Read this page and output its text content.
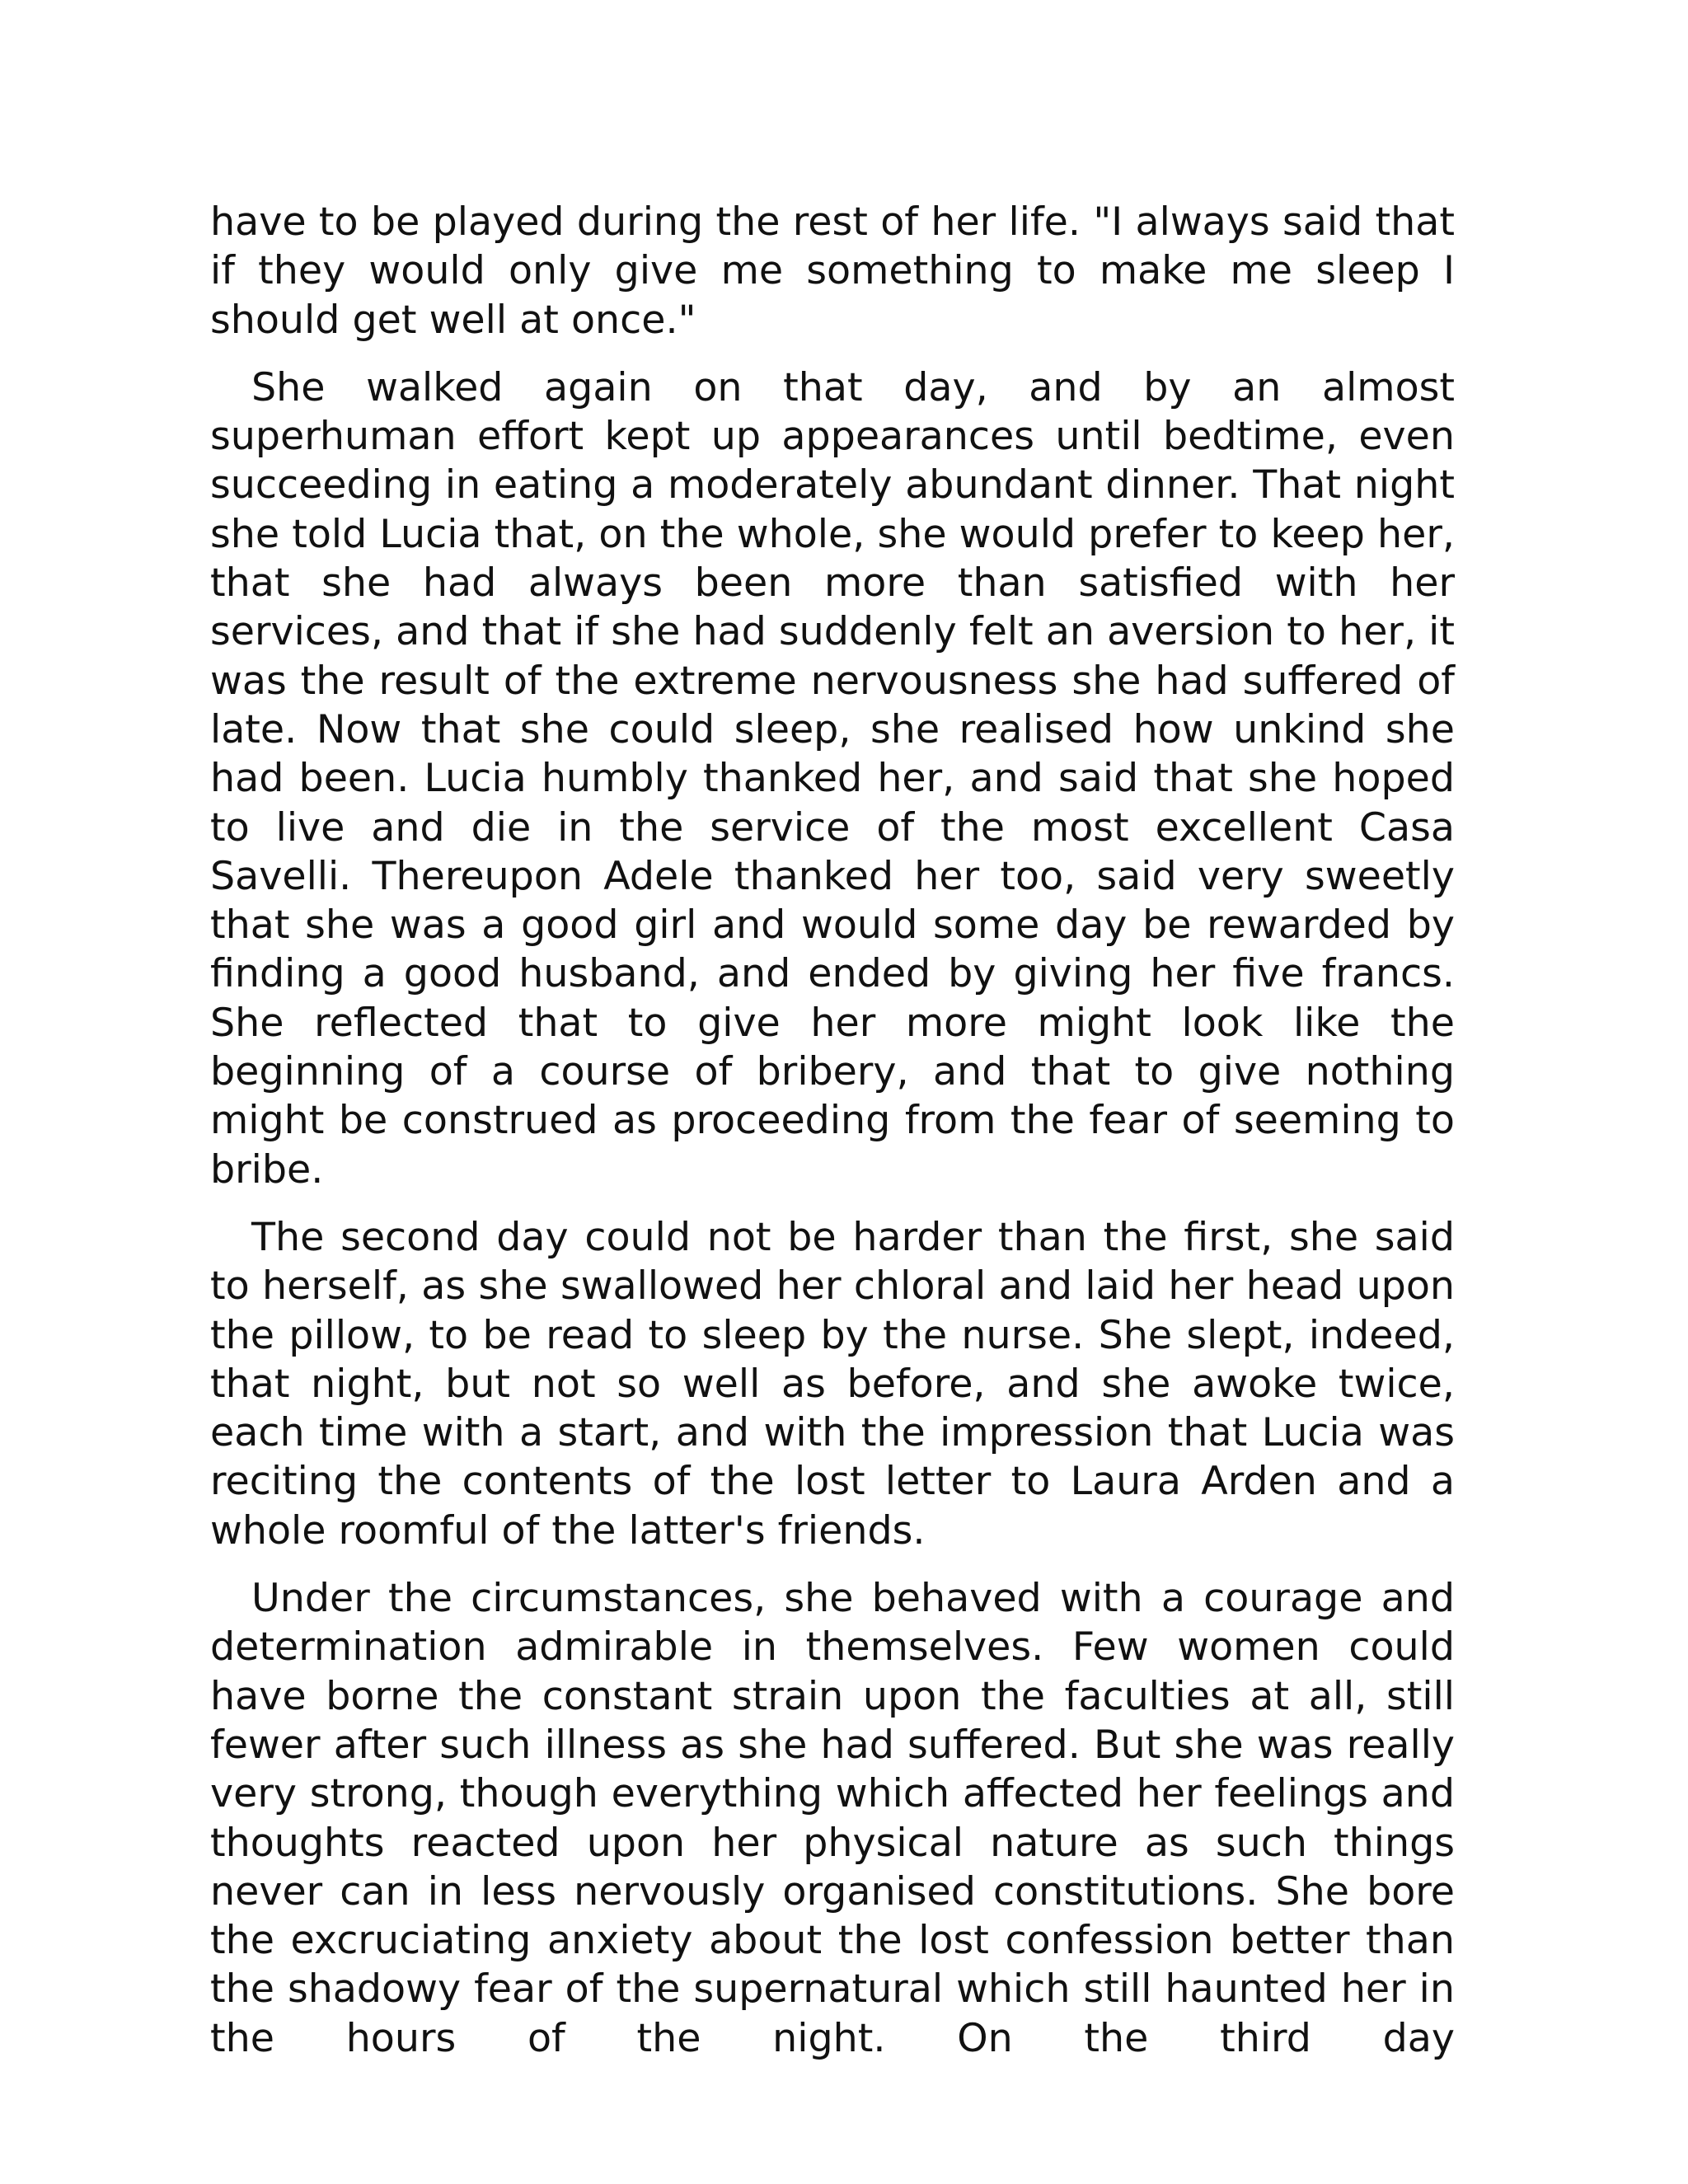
have to be played during the rest of her life. "I always said that if they would only give me something to make me sleep I should get well at once."

She walked again on that day, and by an almost superhuman effort kept up appearances until bedtime, even succeeding in eating a moderately abundant dinner. That night she told Lucia that, on the whole, she would prefer to keep her, that she had always been more than satisfied with her services, and that if she had suddenly felt an aversion to her, it was the result of the extreme nervousness she had suffered of late. Now that she could sleep, she realised how unkind she had been. Lucia humbly thanked her, and said that she hoped to live and die in the service of the most excellent Casa Savelli. Thereupon Adele thanked her too, said very sweetly that she was a good girl and would some day be rewarded by finding a good husband, and ended by giving her five francs. She reflected that to give her more might look like the beginning of a course of bribery, and that to give nothing might be construed as proceeding from the fear of seeming to bribe.

The second day could not be harder than the first, she said to herself, as she swallowed her chloral and laid her head upon the pillow, to be read to sleep by the nurse. She slept, indeed, that night, but not so well as before, and she awoke twice, each time with a start, and with the impression that Lucia was reciting the contents of the lost letter to Laura Arden and a whole roomful of the latter's friends.

Under the circumstances, she behaved with a courage and determination admirable in themselves. Few women could have borne the constant strain upon the faculties at all, still fewer after such illness as she had suffered. But she was really very strong, though everything which affected her feelings and thoughts reacted upon her physical nature as such things never can in less nervously organised constitutions. She bore the excruciating anxiety about the lost confession better than the shadowy fear of the supernatural which still haunted her in the hours of the night. On the third day
